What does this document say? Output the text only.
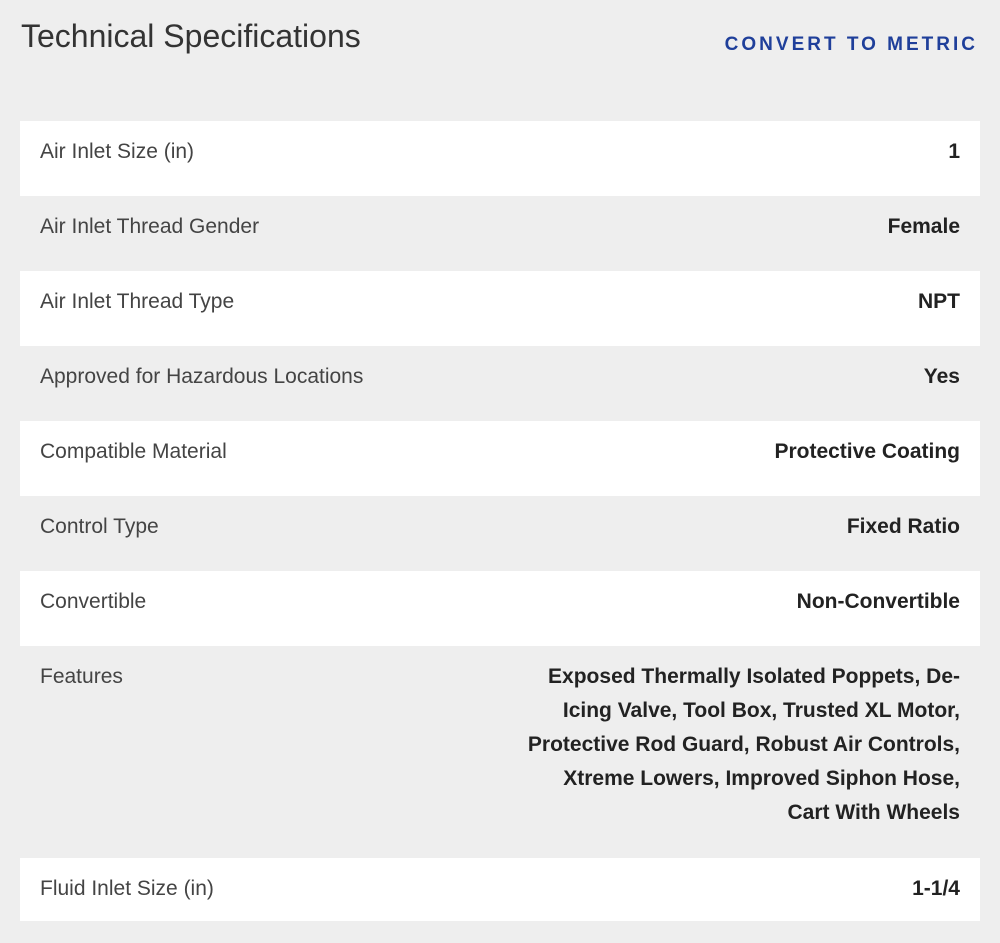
Technical Specifications	CONVERT TO METRIC
Air Inlet Size (in)	1
Air Inlet Thread Gender	Female
Air Inlet Thread Type	NPT
Approved for Hazardous Locations	Yes
Compatible Material	Protective Coating
Control Type	Fixed Ratio
Convertible	Non-Convertible
Features	Exposed Thermally Isolated Poppets, De-
Icing Valve, Tool Box, Trusted XL Motor,
Protective Rod Guard, Robust Air Controls,
Xtreme Lowers, Improved Siphon Hose,
Cart With Wheels
Fluid Inlet Size (in)	1-1/4
